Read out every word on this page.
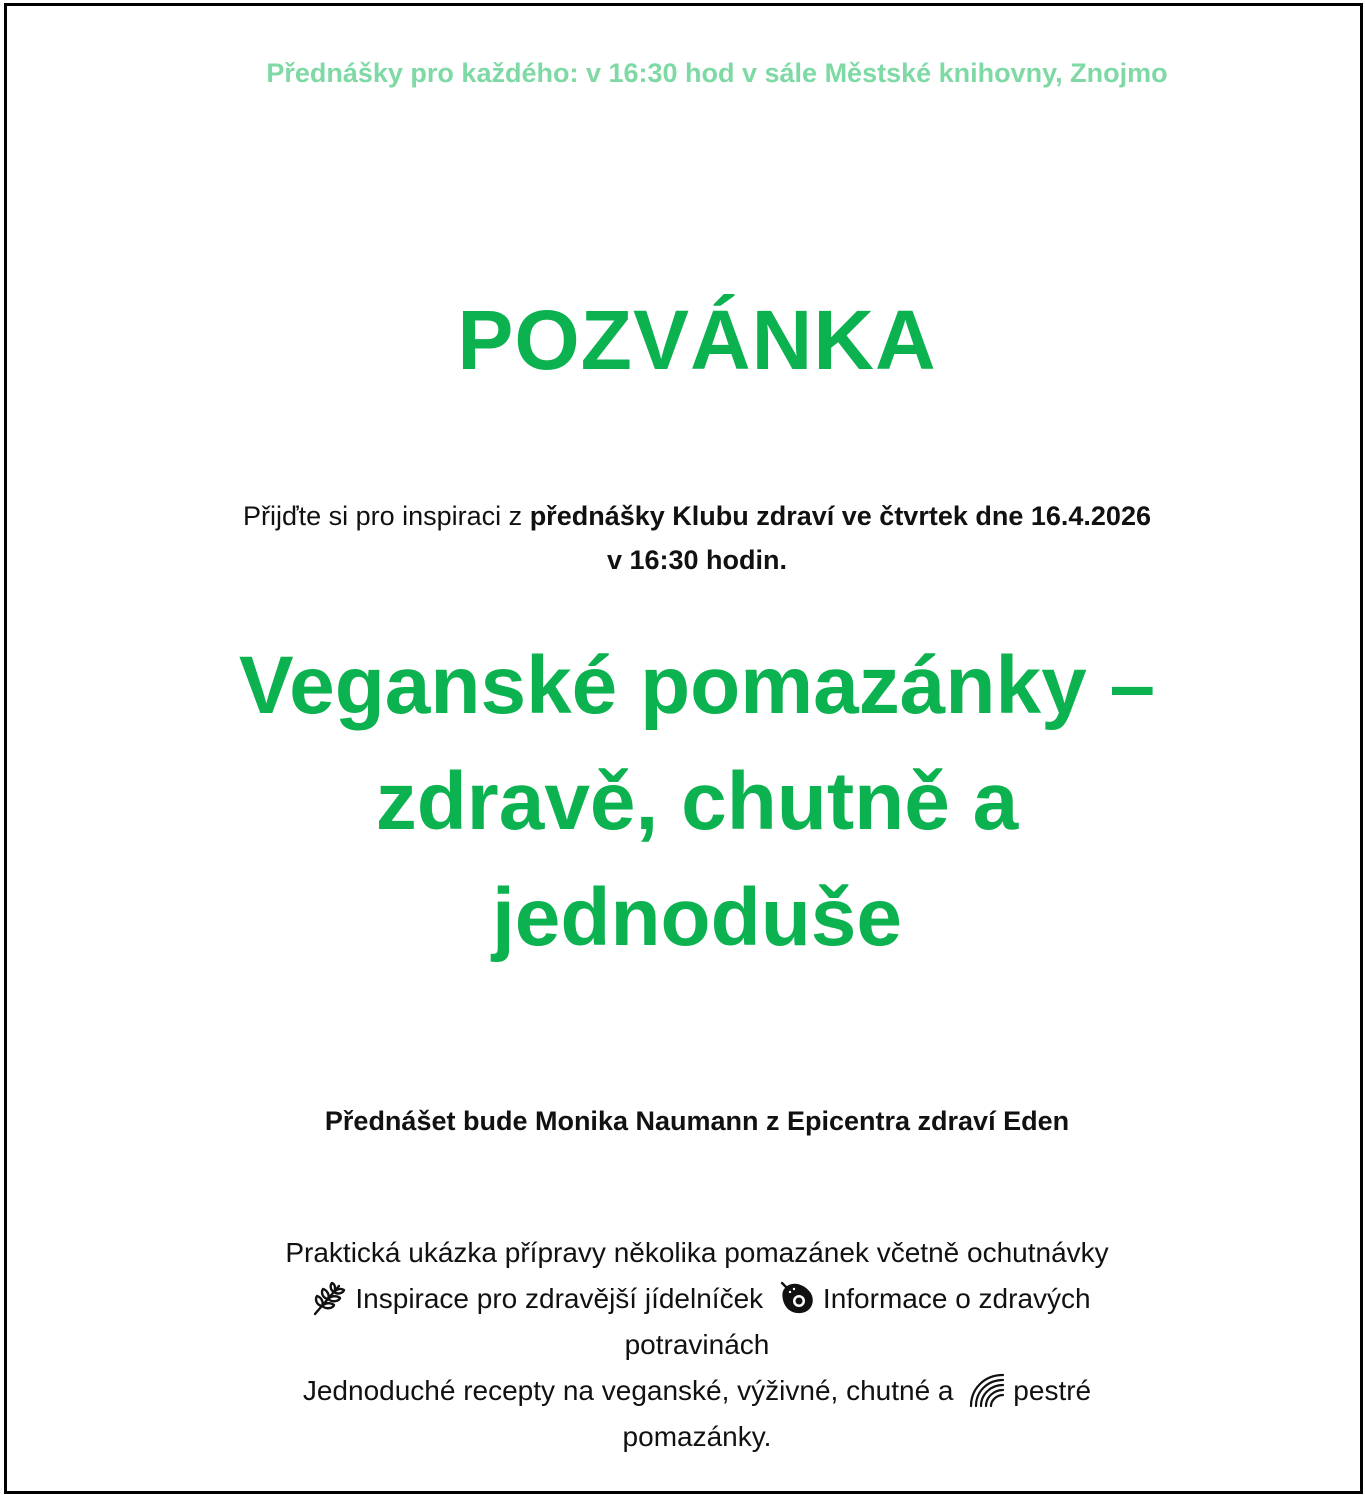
Přednášky pro každého: v 16:30 hod v sále Městské knihovny, Znojmo
POZVÁNKA
Přijďte si pro inspiraci z přednášky Klubu zdraví ve čtvrtek dne 16.4.2026
v 16:30 hodin.
Veganské pomazánky –
zdravě, chutně a
jednoduše
Přednášet bude Monika Naumann z Epicentra zdraví Eden
Praktická ukázka přípravy několika pomazánek včetně ochutnávky
Inspirace pro zdravější jídelníček Informace o zdravých
potravinách
Jednoduché recepty na veganské, výživné, chutné a pestré
pomazánky.
